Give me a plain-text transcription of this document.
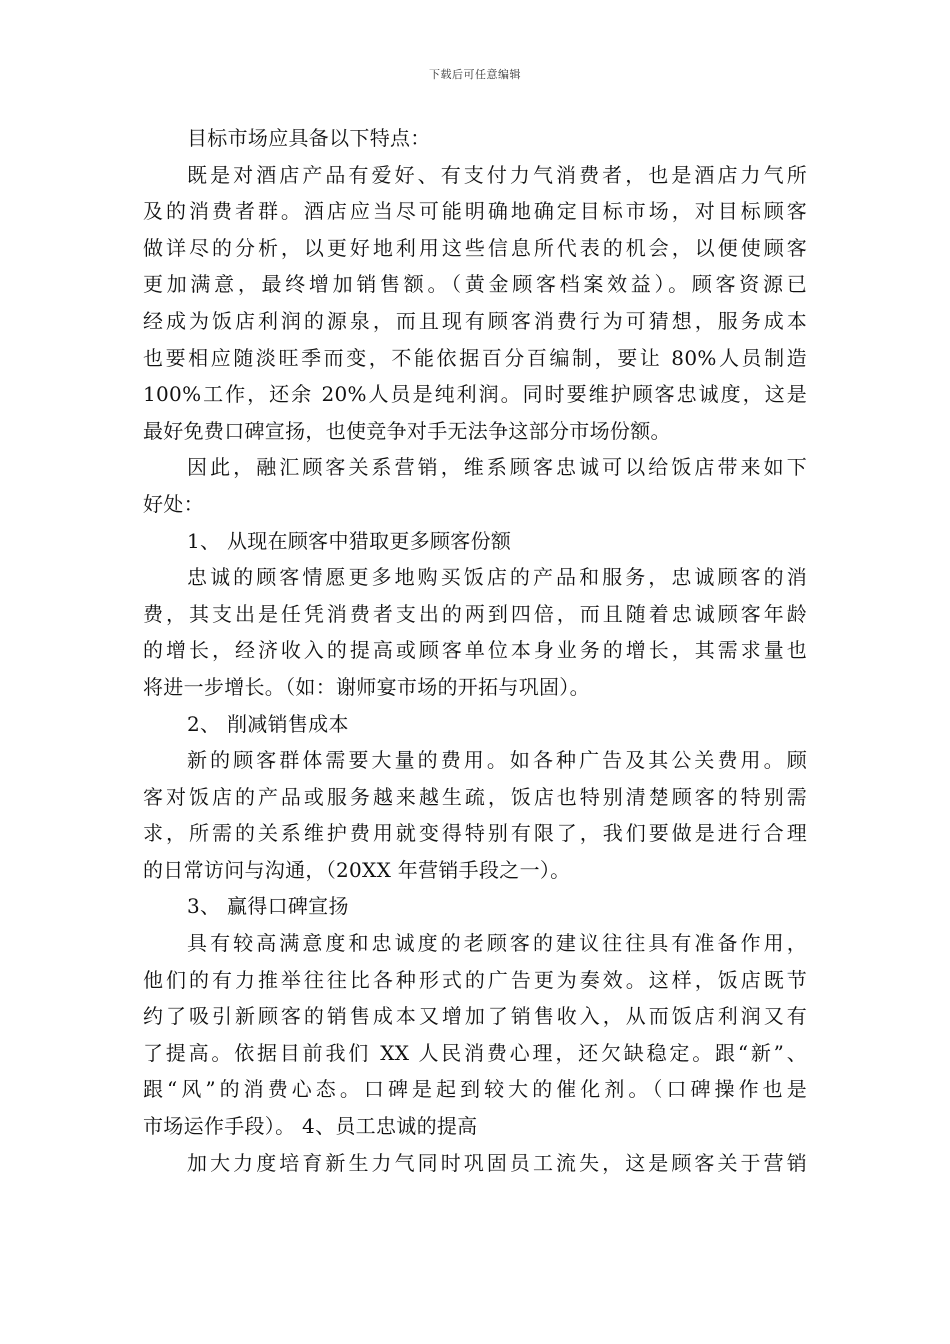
下载后可任意编辑
目标市场应具备以下特点：
既是对酒店产品有爱好、有支付力气消费者，也是酒店力气所
及的消费者群。酒店应当尽可能明确地确定目标市场，对目标顾客
做详尽的分析，以更好地利用这些信息所代表的机会，以便使顾客
更加满意，最终增加销售额。（黄金顾客档案效益）。顾客资源已
经成为饭店利润的源泉，而且现有顾客消费行为可猜想，服务成本
也要相应随淡旺季而变，不能依据百分百编制，要让 80%人员制造
100%工作，还余 20%人员是纯利润。同时要维护顾客忠诚度，这是
最好免费口碑宣扬，也使竞争对手无法争这部分市场份额。
因此，融汇顾客关系营销，维系顾客忠诚可以给饭店带来如下
好处：
1、 从现在顾客中猎取更多顾客份额
忠诚的顾客情愿更多地购买饭店的产品和服务，忠诚顾客的消
费，其支出是任凭消费者支出的两到四倍，而且随着忠诚顾客年龄
的增长，经济收入的提高或顾客单位本身业务的增长，其需求量也
将进一步增长。（如：谢师宴市场的开拓与巩固）。
2、 削减销售成本
新的顾客群体需要大量的费用。如各种广告及其公关费用。顾
客对饭店的产品或服务越来越生疏，饭店也特别清楚顾客的特别需
求，所需的关系维护费用就变得特别有限了，我们要做是进行合理
的日常访问与沟通，（20XX 年营销手段之一）。
3、 赢得口碑宣扬
具有较高满意度和忠诚度的老顾客的建议往往具有准备作用，
他们的有力推举往往比各种形式的广告更为奏效。这样，饭店既节
约了吸引新顾客的销售成本又增加了销售收入，从而饭店利润又有
了提高。依据目前我们 XX 人民消费心理，还欠缺稳定。跟“新”、
跟“风”的消费心态。口碑是起到较大的催化剂。（口碑操作也是
市场运作手段）。 4、员工忠诚的提高
加大力度培育新生力气同时巩固员工流失，这是顾客关于营销
